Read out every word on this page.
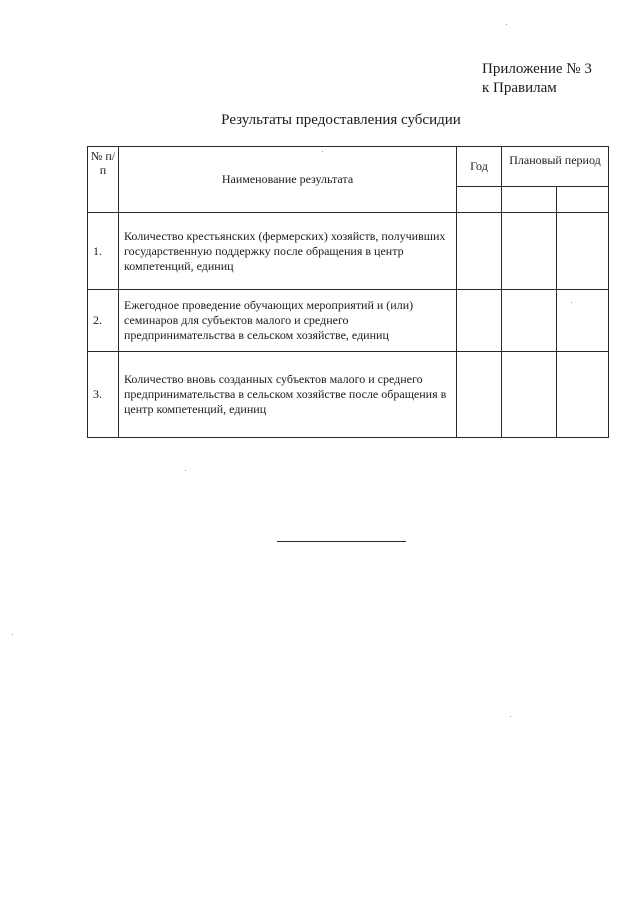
Приложение № 3
к Правилам
Результаты предоставления субсидии
№ п/п	Наименование результата	Год	Плановый период	

1.	Количество крестьянских (фермерских) хозяйств, получивших государственную поддержку после обращения в центр компетенций, единиц			
2.	Ежегодное проведение обучающих мероприятий и (или) семинаров для субъектов малого и среднего предпринимательства в сельском хозяйстве, единиц			
3.	Количество вновь созданных субъектов малого и среднего предпринимательства в сельском хозяйстве после обращения в центр компетенций, единиц			
